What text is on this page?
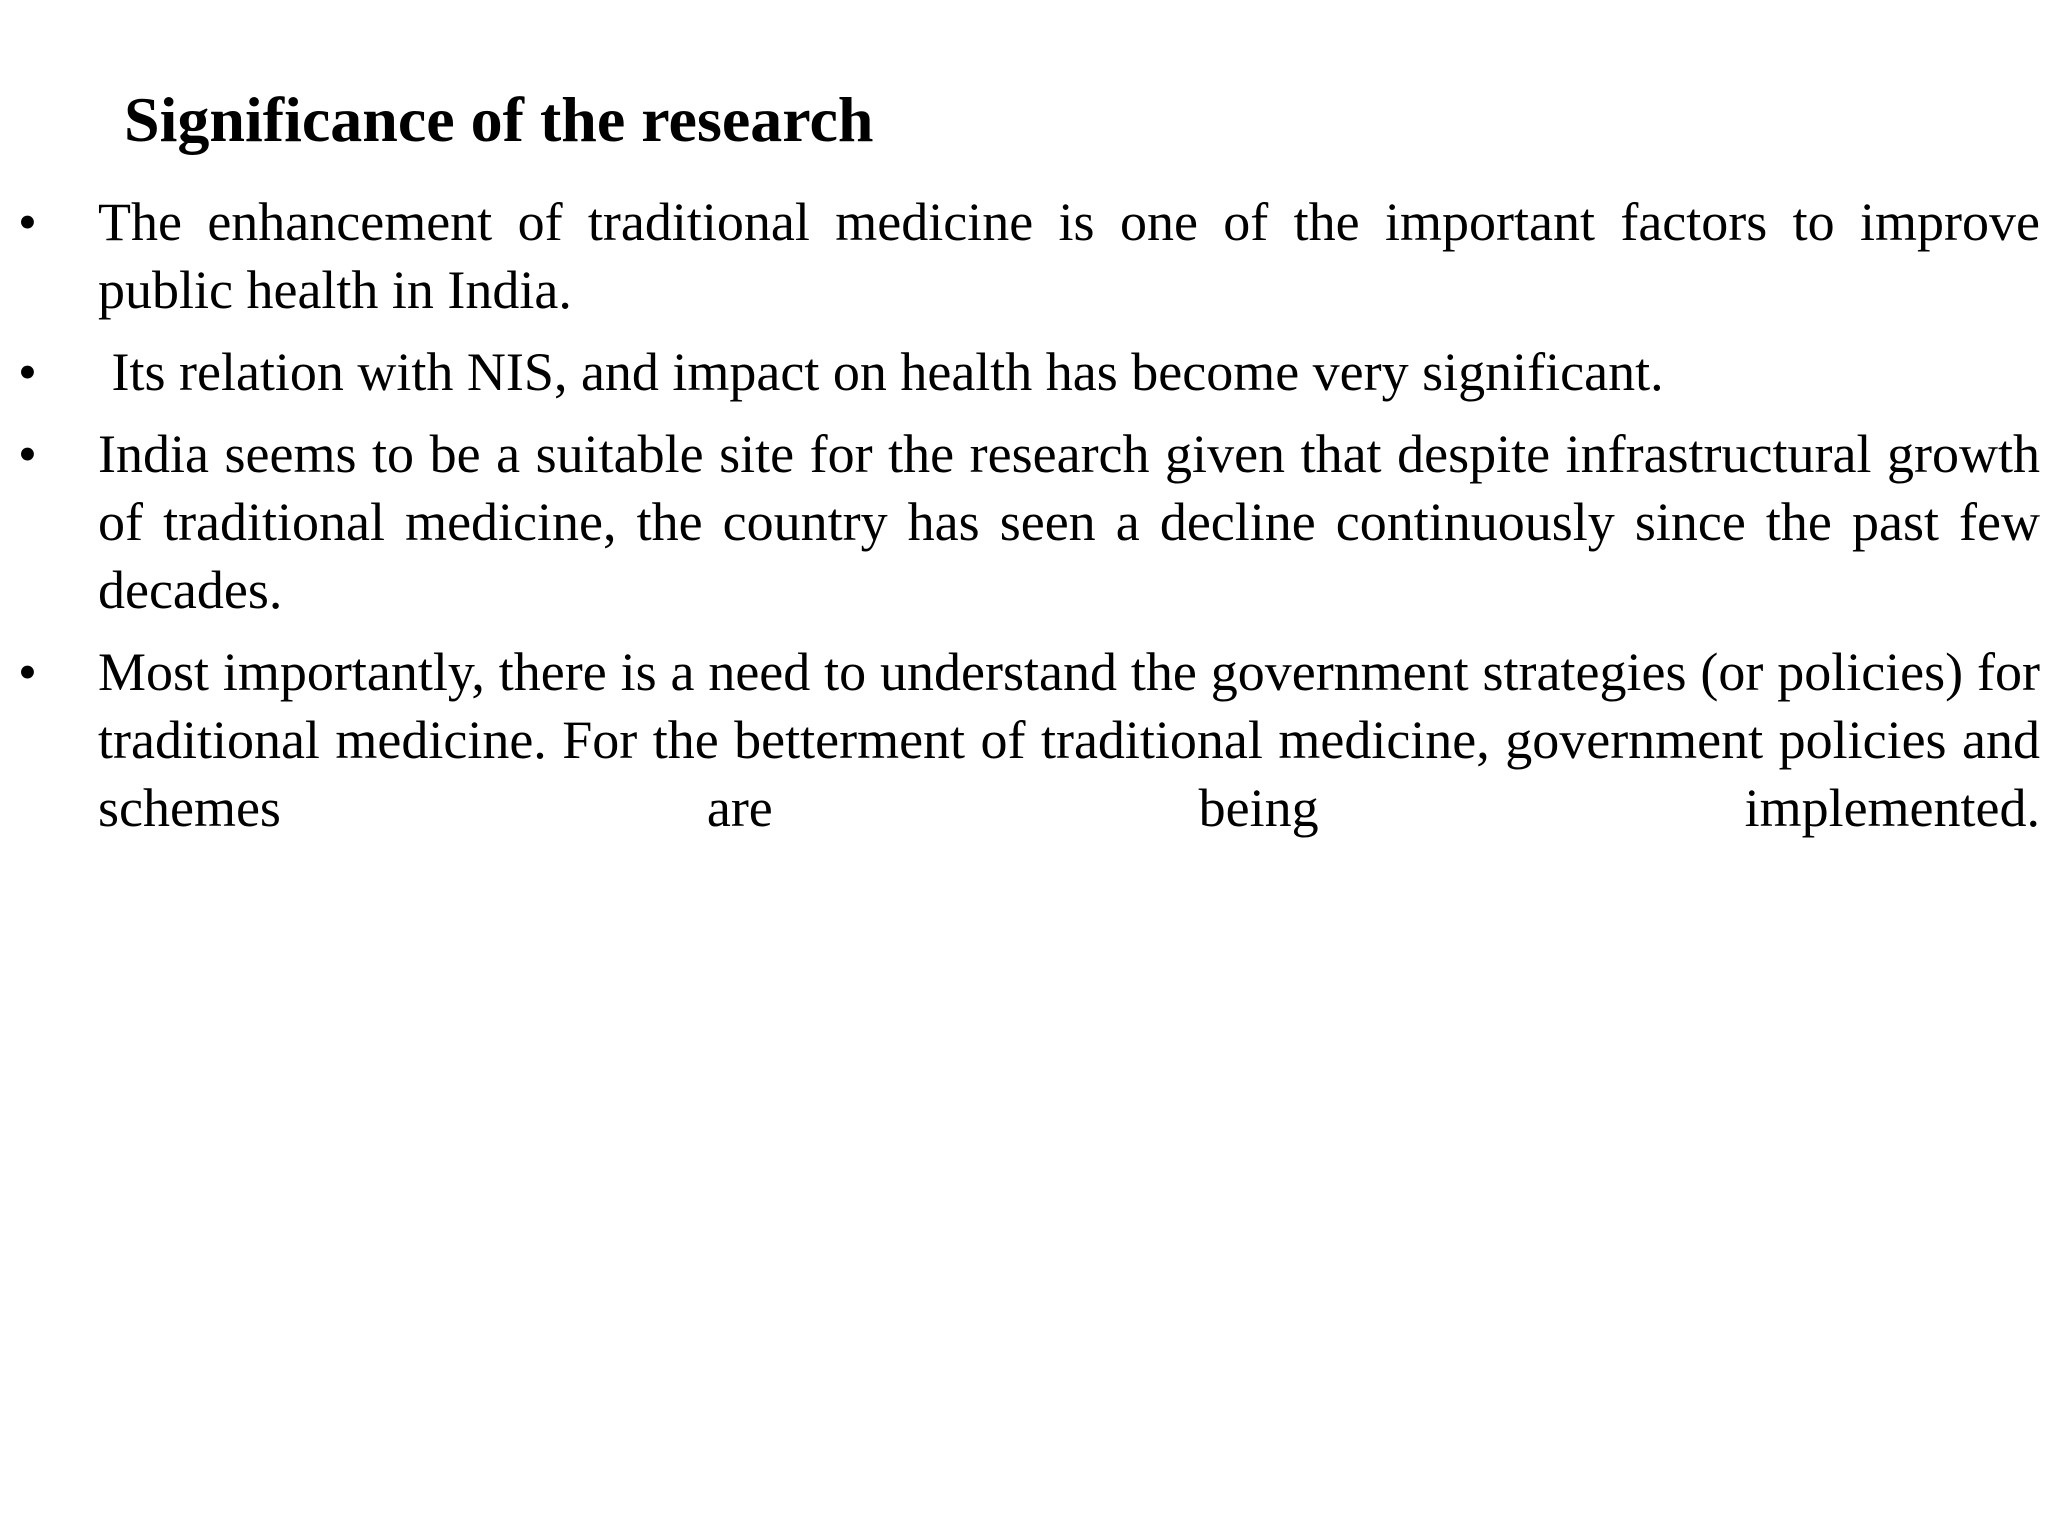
Significance of the research
•	The enhancement of traditional medicine is one of the important factors to improve public health in India.
•	Its relation with NIS, and impact on health has become very significant.
•	India seems to be a suitable site for the research given that despite infrastructural growth of traditional medicine, the country has seen a decline continuously since the past few decades.
•	Most importantly, there is a need to understand the government strategies (or policies) for traditional medicine. For the betterment of traditional medicine, government policies and schemes are being implemented.
